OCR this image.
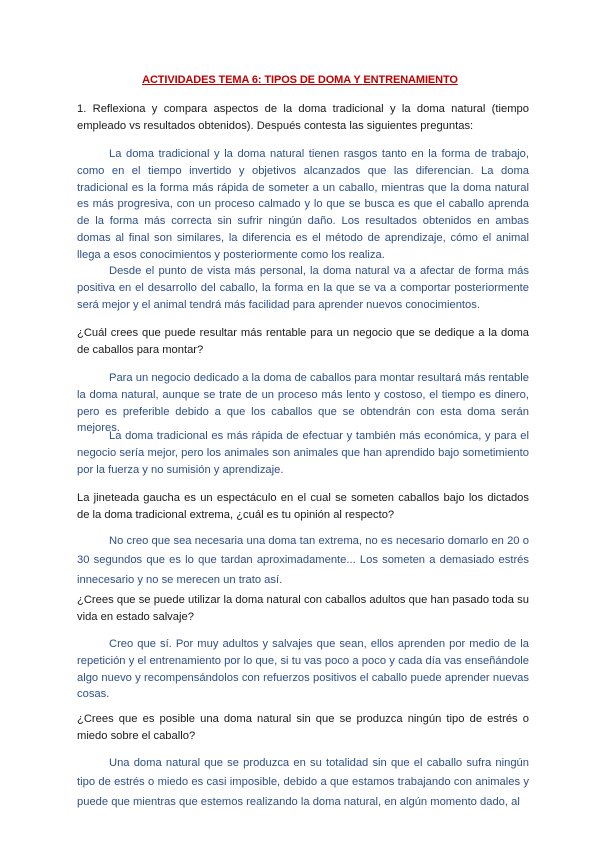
ACTIVIDADES TEMA 6: TIPOS DE DOMA Y ENTRENAMIENTO

1. Reflexiona y compara aspectos de la doma tradicional y la doma natural (tiempo empleado vs resultados obtenidos). Después contesta las siguientes preguntas:

La doma tradicional y la doma natural tienen rasgos tanto en la forma de trabajo, como en el tiempo invertido y objetivos alcanzados que las diferencian. La doma tradicional es la forma más rápida de someter a un caballo, mientras que la doma natural es más progresiva, con un proceso calmado y lo que se busca es que el caballo aprenda de la forma más correcta sin sufrir ningún daño. Los resultados obtenidos en ambas domas al final son similares, la diferencia es el método de aprendizaje, cómo el animal llega a esos conocimientos y posteriormente como los realiza.

Desde el punto de vista más personal, la doma natural va a afectar de forma más positiva en el desarrollo del caballo, la forma en la que se va a comportar posteriormente será mejor y el animal tendrá más facilidad para aprender nuevos conocimientos.

¿Cuál crees que puede resultar más rentable para un negocio que se dedique a la doma de caballos para montar?

Para un negocio dedicado a la doma de caballos para montar resultará más rentable la doma natural, aunque se trate de un proceso más lento y costoso, el tiempo es dinero, pero es preferible debido a que los caballos que se obtendrán con esta doma serán mejores.

La doma tradicional es más rápida de efectuar y también más económica, y para el negocio sería mejor, pero los animales son animales que han aprendido bajo sometimiento por la fuerza y no sumisión y aprendizaje.

La jineteada gaucha es un espectáculo en el cual se someten caballos bajo los dictados de la doma tradicional extrema, ¿cuál es tu opinión al respecto?

No creo que sea necesaria una doma tan extrema, no es necesario domarlo en 20 o 30 segundos que es lo que tardan aproximadamente... Los someten a demasiado estrés innecesario y no se merecen un trato así.

¿Crees que se puede utilizar la doma natural con caballos adultos que han pasado toda su vida en estado salvaje?

Creo que sí. Por muy adultos y salvajes que sean, ellos aprenden por medio de la repetición y el entrenamiento por lo que, si tu vas poco a poco y cada día vas enseñándole algo nuevo y recompensándolos con refuerzos positivos el caballo puede aprender nuevas cosas.

¿Crees que es posible una doma natural sin que se produzca ningún tipo de estrés o miedo sobre el caballo?

Una doma natural que se produzca en su totalidad sin que el caballo sufra ningún tipo de estrés o miedo es casi imposible, debido a que estamos trabajando con animales y puede que mientras que estemos realizando la doma natural, en algún momento dado, al
